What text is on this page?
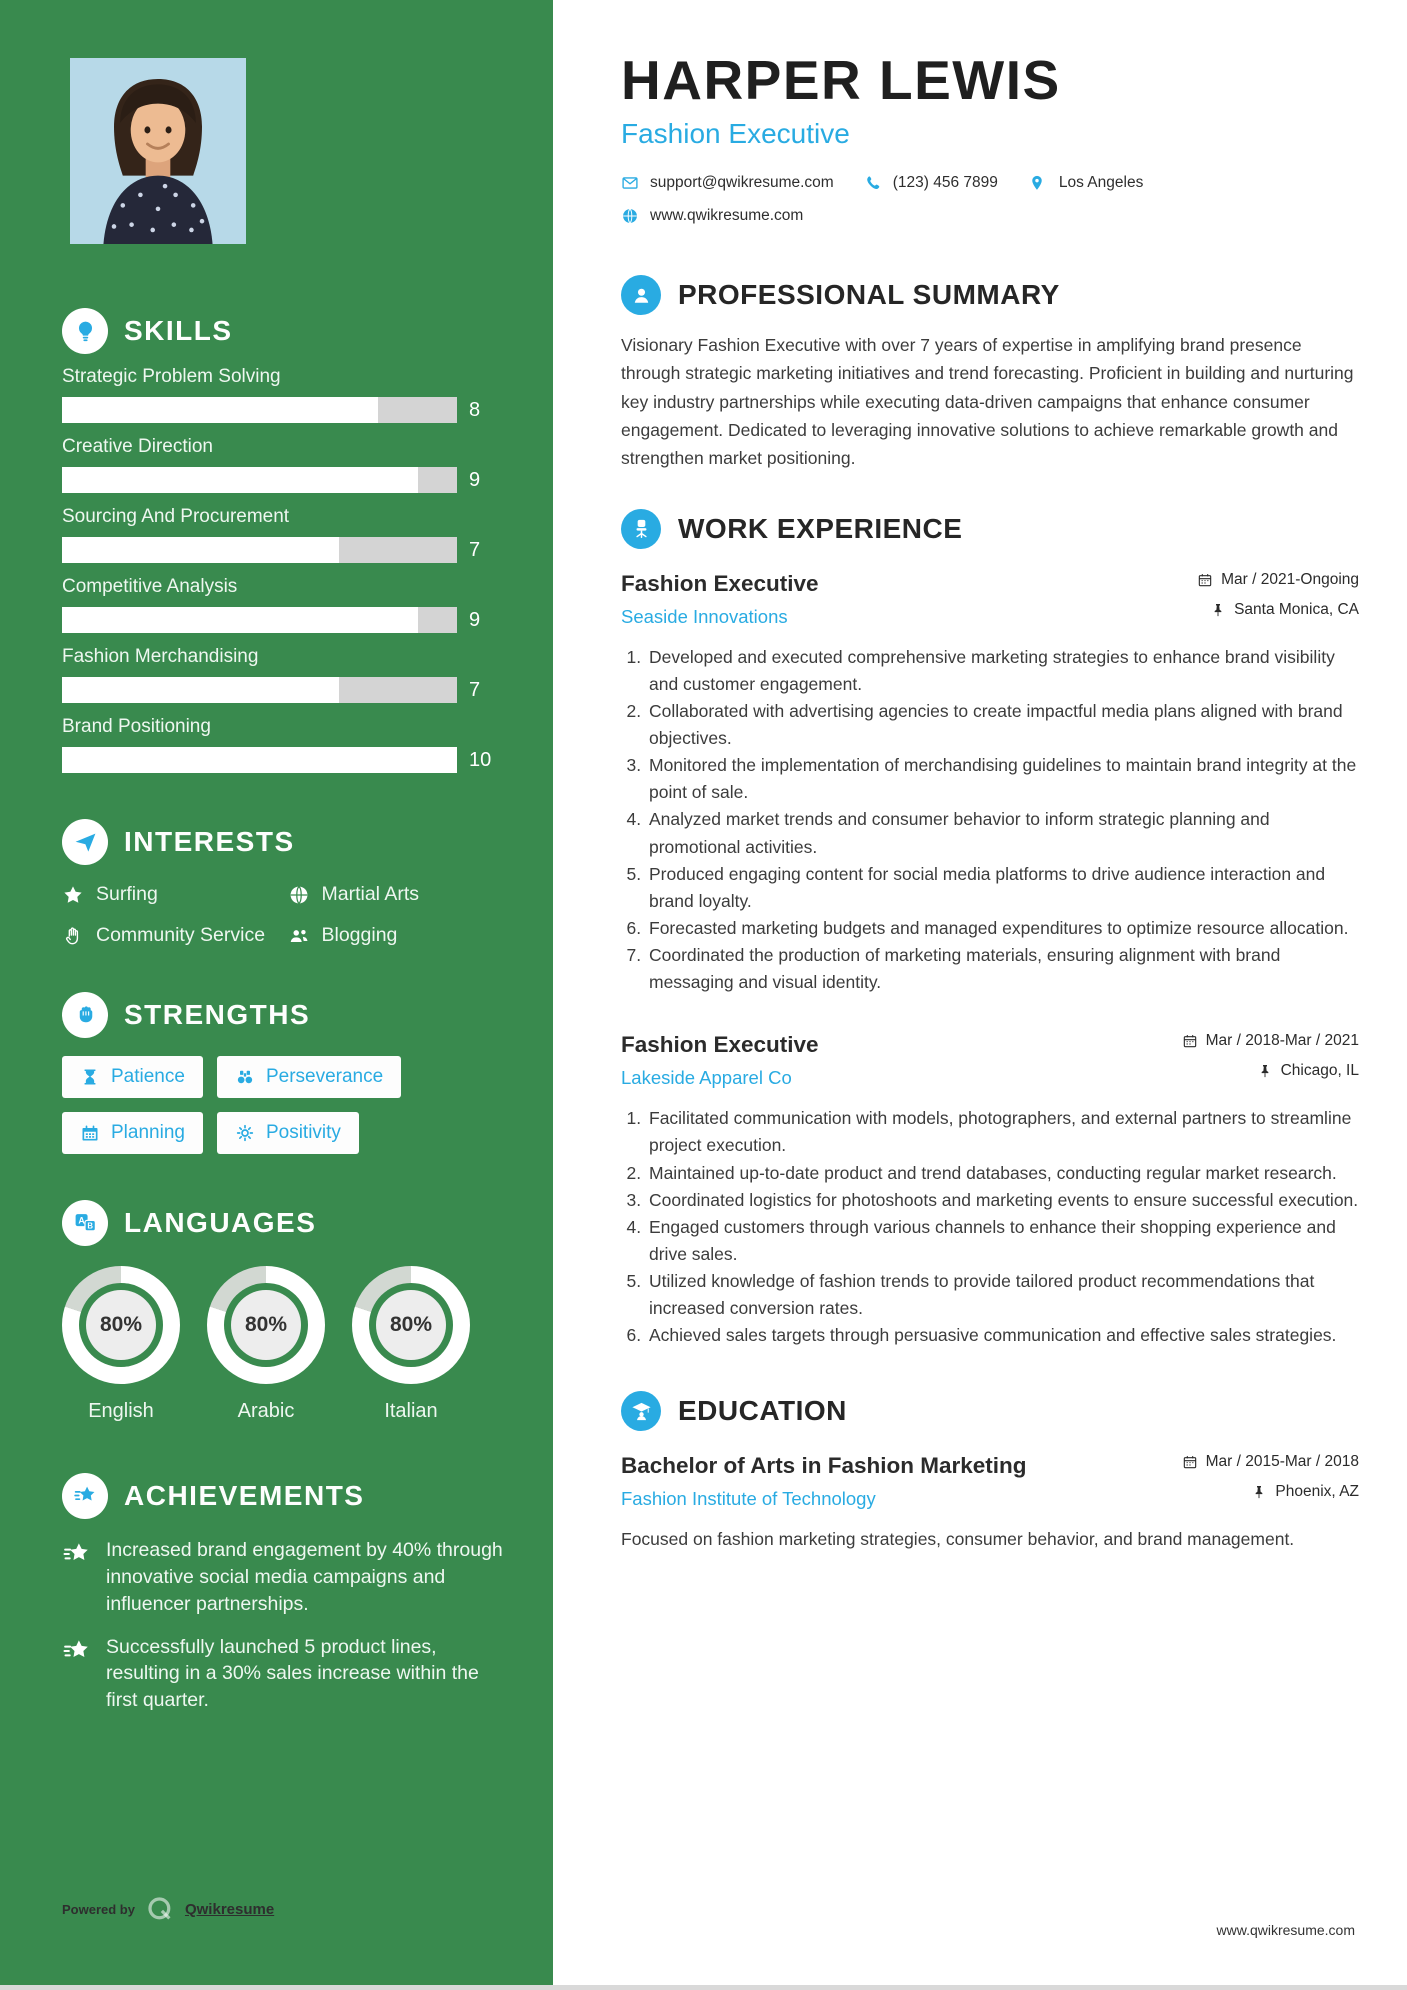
SKILLS
Strategic Problem Solving
8
Creative Direction
9
Sourcing And Procurement
7
Competitive Analysis
9
Fashion Merchandising
7
Brand Positioning
10
INTERESTS
Surfing	Martial Arts
Community Service	Blogging
STRENGTHS
Patience	Perseverance
Planning	Positivity
A
B LANGUAGES
80%
English
80%
Arabic
80%
Italian
ACHIEVEMENTS
Increased brand engagement by 40% through innovative social media campaigns and influencer partnerships.
Successfully launched 5 product lines, resulting in a 30% sales increase within the first quarter.
Powered by	Qwikresume
HARPER LEWIS
Fashion Executive
support@qwikresume.com	(123) 456 7899	Los Angeles
www.qwikresume.com
PROFESSIONAL SUMMARY

Visionary Fashion Executive with over 7 years of expertise in amplifying brand presence through strategic marketing initiatives and trend forecasting. Proficient in building and nurturing key industry partnerships while executing data-driven campaigns that enhance consumer engagement. Dedicated to leveraging innovative solutions to achieve remarkable growth and strengthen market positioning.

WORK EXPERIENCE
Fashion Executive
Seaside Innovations
Mar / 2021-Ongoing
Santa Monica, CA
1. Developed and executed comprehensive marketing strategies to enhance brand visibility and customer engagement.
2. Collaborated with advertising agencies to create impactful media plans aligned with brand objectives.
3. Monitored the implementation of merchandising guidelines to maintain brand integrity at the point of sale.
4. Analyzed market trends and consumer behavior to inform strategic planning and promotional activities.
5. Produced engaging content for social media platforms to drive audience interaction and brand loyalty.
6. Forecasted marketing budgets and managed expenditures to optimize resource allocation.
7. Coordinated the production of marketing materials, ensuring alignment with brand messaging and visual identity.
Fashion Executive
Lakeside Apparel Co
Mar / 2018-Mar / 2021
Chicago, IL
1. Facilitated communication with models, photographers, and external partners to streamline project execution.
2. Maintained up-to-date product and trend databases, conducting regular market research.
3. Coordinated logistics for photoshoots and marketing events to ensure successful execution.
4. Engaged customers through various channels to enhance their shopping experience and drive sales.
5. Utilized knowledge of fashion trends to provide tailored product recommendations that increased conversion rates.
6. Achieved sales targets through persuasive communication and effective sales strategies.
EDUCATION
Bachelor of Arts in Fashion Marketing
Fashion Institute of Technology
Mar / 2015-Mar / 2018
Phoenix, AZ

Focused on fashion marketing strategies, consumer behavior, and brand management.

www.qwikresume.com
